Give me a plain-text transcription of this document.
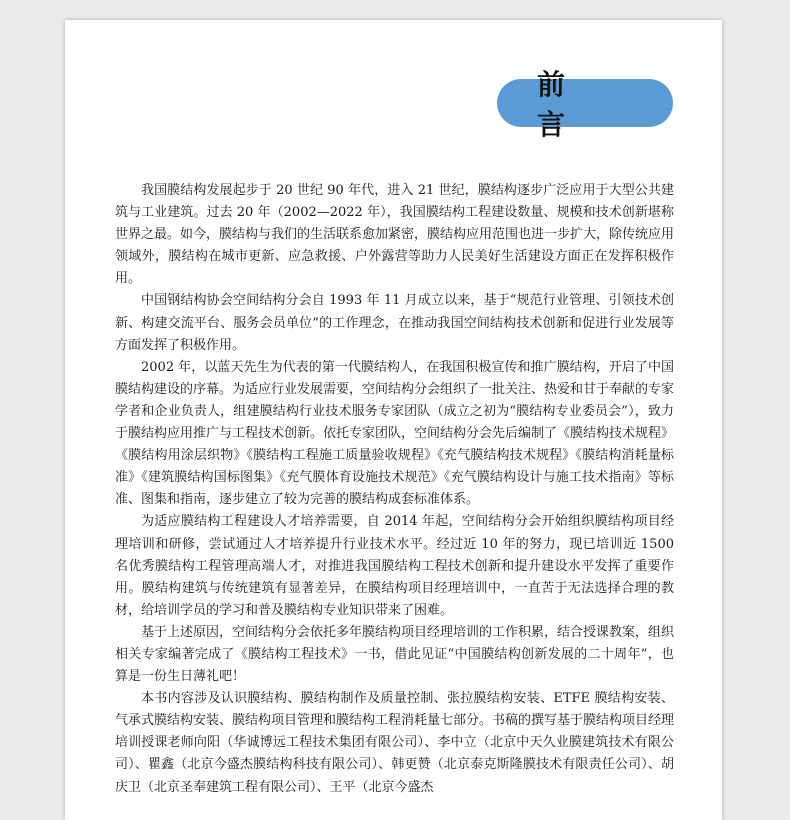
前　言

我国膜结构发展起步于 20 世纪 90 年代，进入 21 世纪，膜结构逐步广泛应用于大型公共建筑与工业建筑。过去 20 年（2002—2022 年），我国膜结构工程建设数量、规模和技术创新堪称世界之最。如今，膜结构与我们的生活联系愈加紧密，膜结构应用范围也进一步扩大，除传统应用领域外，膜结构在城市更新、应急救援、户外露营等助力人民美好生活建设方面正在发挥积极作用。

中国钢结构协会空间结构分会自 1993 年 11 月成立以来，基于“规范行业管理、引领技术创新、构建交流平台、服务会员单位”的工作理念，在推动我国空间结构技术创新和促进行业发展等方面发挥了积极作用。

2002 年，以蓝天先生为代表的第一代膜结构人，在我国积极宣传和推广膜结构，开启了中国膜结构建设的序幕。为适应行业发展需要，空间结构分会组织了一批关注、热爱和甘于奉献的专家学者和企业负责人，组建膜结构行业技术服务专家团队（成立之初为“膜结构专业委员会”），致力于膜结构应用推广与工程技术创新。依托专家团队，空间结构分会先后编制了《膜结构技术规程》《膜结构用涂层织物》《膜结构工程施工质量验收规程》《充气膜结构技术规程》《膜结构消耗量标准》《建筑膜结构国标图集》《充气膜体育设施技术规范》《充气膜结构设计与施工技术指南》等标准、图集和指南，逐步建立了较为完善的膜结构成套标准体系。

为适应膜结构工程建设人才培养需要，自 2014 年起，空间结构分会开始组织膜结构项目经理培训和研修，尝试通过人才培养提升行业技术水平。经过近 10 年的努力，现已培训近 1500 名优秀膜结构工程管理高端人才，对推进我国膜结构工程技术创新和提升建设水平发挥了重要作用。膜结构建筑与传统建筑有显著差异，在膜结构项目经理培训中，一直苦于无法选择合理的教材，给培训学员的学习和普及膜结构专业知识带来了困难。

基于上述原因，空间结构分会依托多年膜结构项目经理培训的工作积累，结合授课教案，组织相关专家编著完成了《膜结构工程技术》一书，借此见证“中国膜结构创新发展的二十周年”，也算是一份生日薄礼吧！

本书内容涉及认识膜结构、膜结构制作及质量控制、张拉膜结构安装、ETFE 膜结构安装、气承式膜结构安装、膜结构项目管理和膜结构工程消耗量七部分。书稿的撰写基于膜结构项目经理培训授课老师向阳（华诚博远工程技术集团有限公司）、李中立（北京中天久业膜建筑技术有限公司）、瞿鑫（北京今盛杰膜结构科技有限公司）、韩更赞（北京泰克斯隆膜技术有限责任公司）、胡庆卫（北京圣奉建筑工程有限公司）、王平（北京今盛杰
